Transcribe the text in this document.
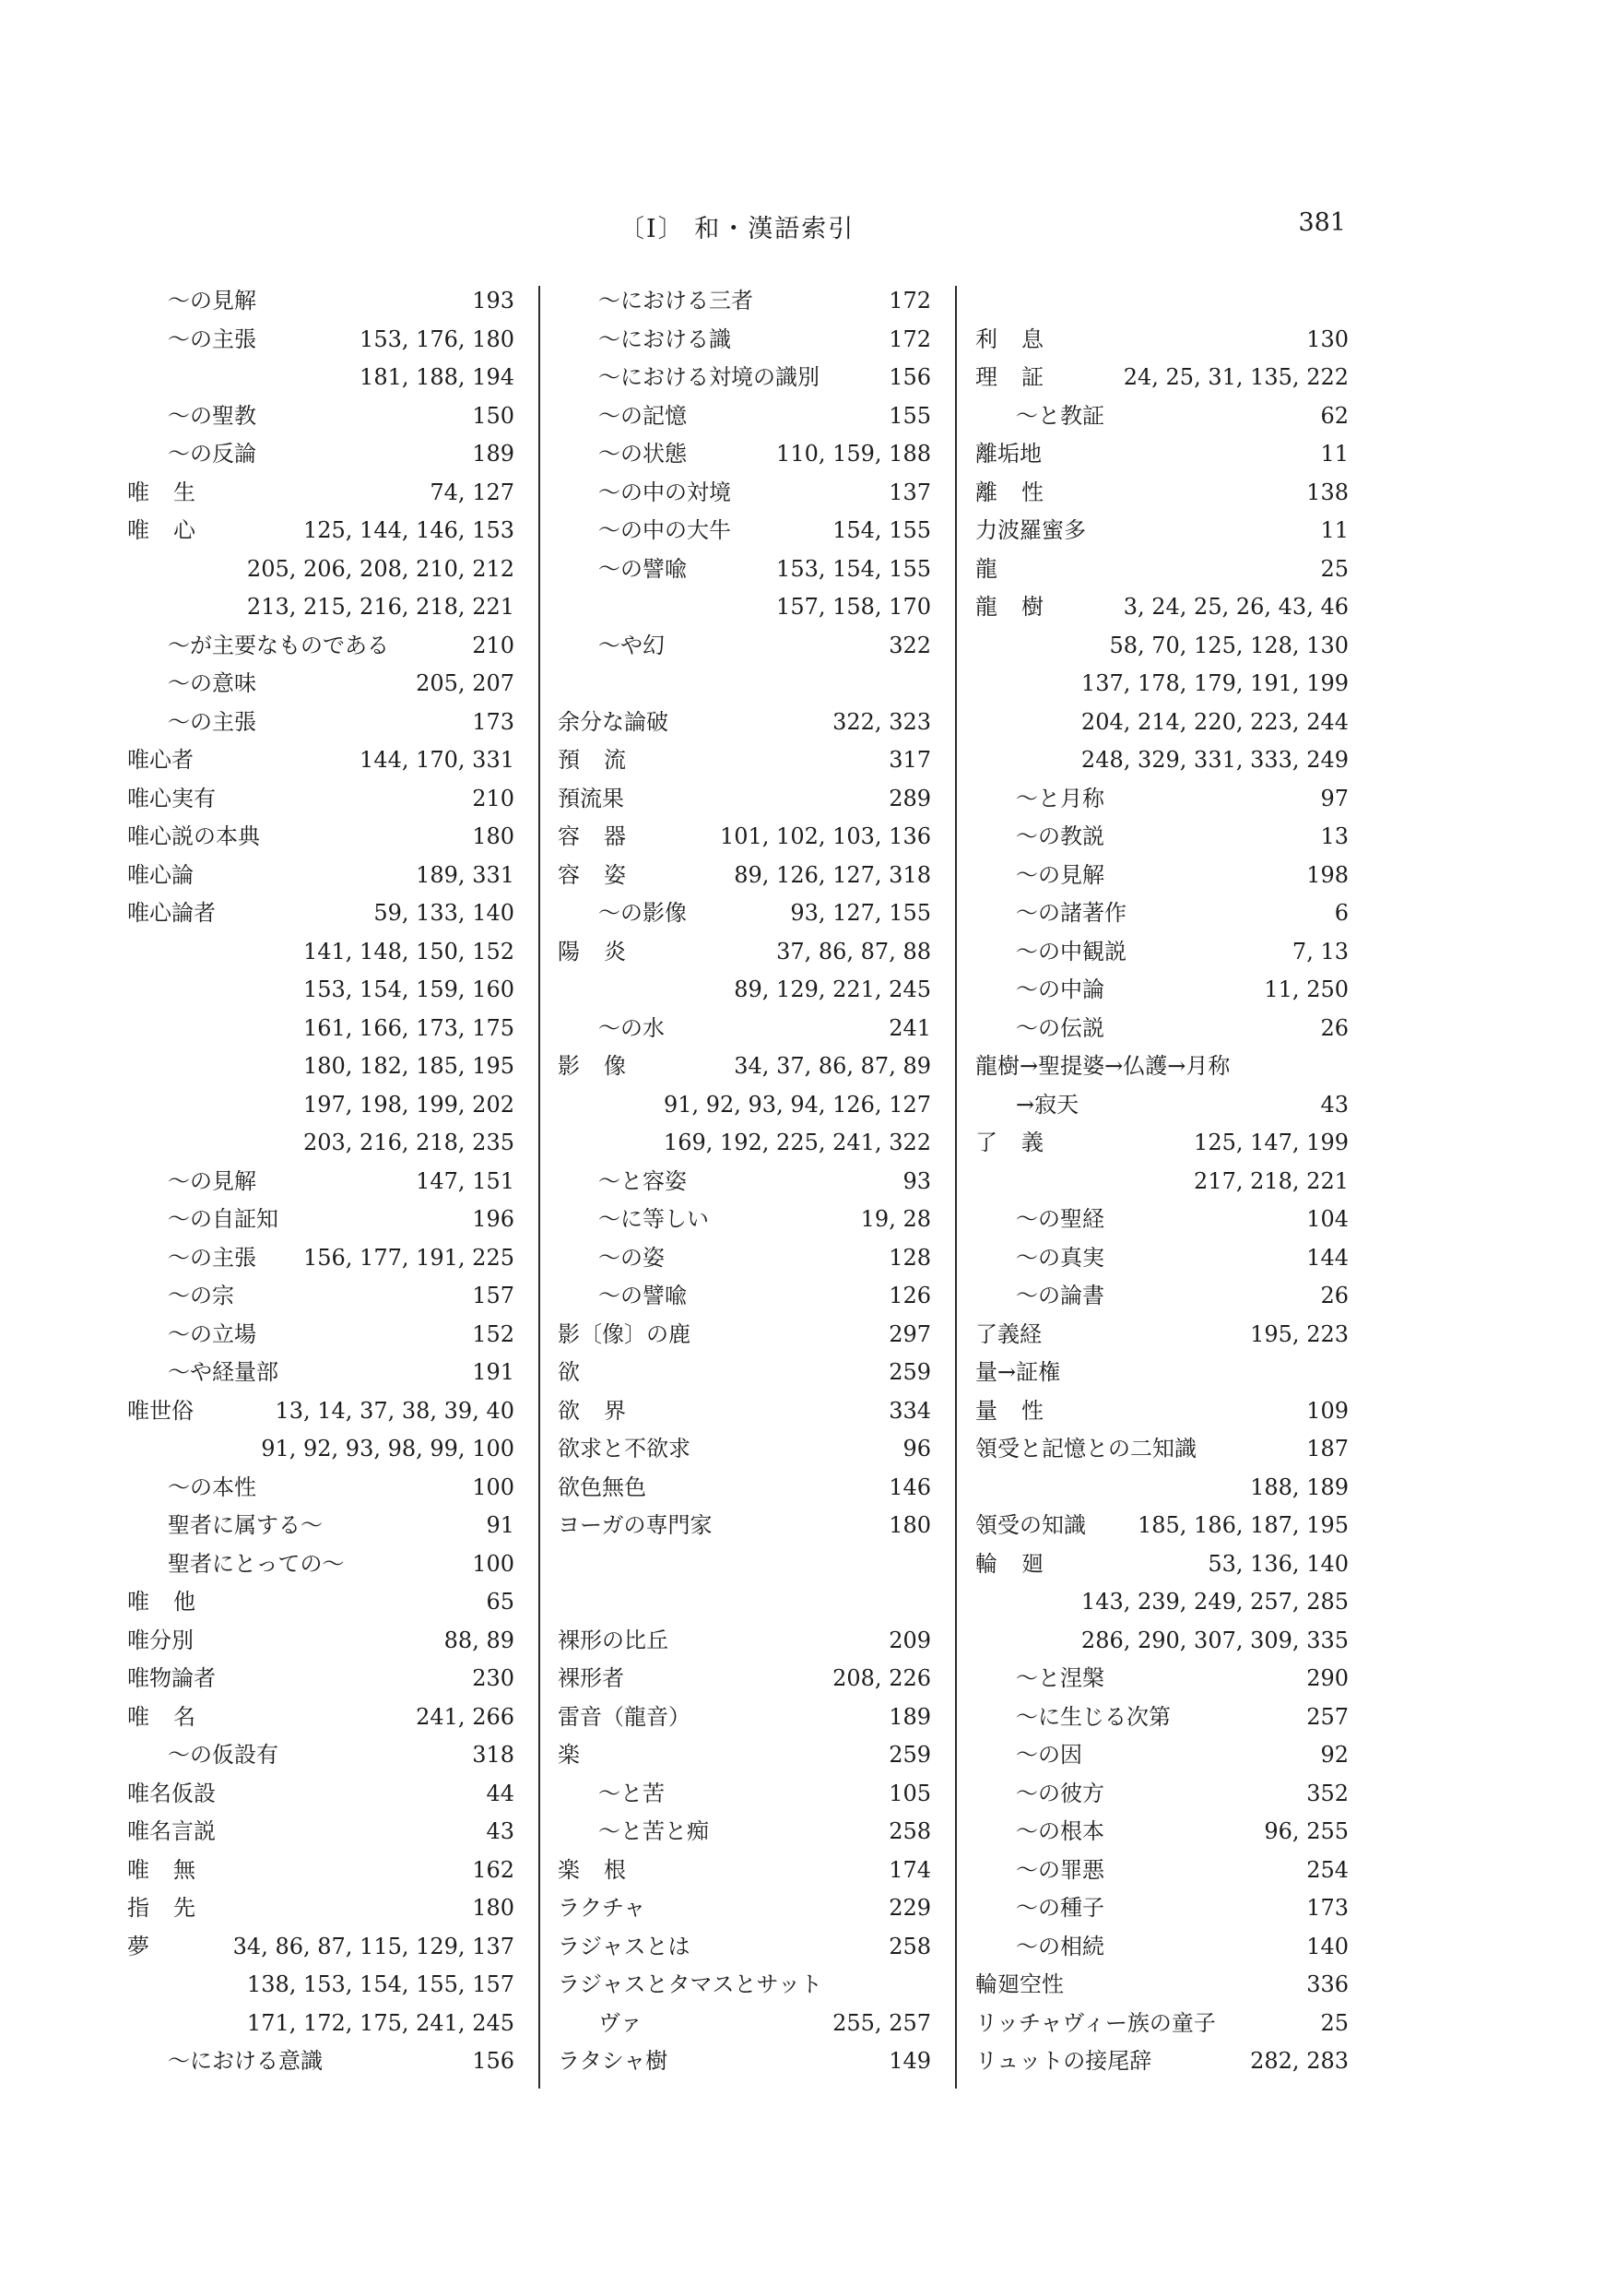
〔I〕 和・漢語索引	381
～の見解	193
～の主張	153, 176, 180
181, 188, 194
～の聖教	150
～の反論	189
唯生	74, 127
唯心	125, 144, 146, 153
205, 206, 208, 210, 212
213, 215, 216, 218, 221
～が主要なものである	210
～の意味	205, 207
～の主張	173
唯心者	144, 170, 331
唯心実有	210
唯心説の本典	180
唯心論	189, 331
唯心論者	59, 133, 140
141, 148, 150, 152
153, 154, 159, 160
161, 166, 173, 175
180, 182, 185, 195
197, 198, 199, 202
203, 216, 218, 235
～の見解	147, 151
～の自証知	196
～の主張 156, 177, 191, 225
～の宗	157
～の立場	152
～や経量部	191
唯世俗	13, 14, 37, 38, 39, 40
91, 92, 93, 98, 99, 100
～の本性	100
聖者に属する～	91
聖者にとっての～	100
唯他	65
唯分別	88, 89
唯物論者	230
唯名	241, 266
～の仮設有	318
唯名仮設	44
唯名言説	43
唯無	162
指先	180
夢	34, 86, 87, 115, 129, 137
138, 153, 154, 155, 157
171, 172, 175, 241, 245
～における意識	156
～における三者	172
～における識	172
～における対境の識別	156
～の記憶	155
～の状態	110, 159, 188
～の中の対境	137
～の中の大牛	154, 155
～の譬喩	153, 154, 155
157, 158, 170
～や幻	322
余分な論破	322, 323
預流	317
預流果	289
容器	101, 102, 103, 136
容姿	89, 126, 127, 318
～の影像	93, 127, 155
陽炎	37, 86, 87, 88
89, 129, 221, 245
～の水	241
影像	34, 37, 86, 87, 89
91, 92, 93, 94, 126, 127
169, 192, 225, 241, 322
～と容姿	93
～に等しい	19, 28
～の姿	128
～の譬喩	126
影〔像〕の鹿	297
欲	259
欲界	334
欲求と不欲求	96
欲色無色	146
ヨーガの専門家	180
裸形の比丘	209
裸形者	208, 226
雷音（龍音）	189
楽	259
～と苦	105
～と苦と痴	258
楽根	174
ラクチャ	229
ラジャスとは	258
ラジャスとタマスとサット
ヴァ	255, 257
ラタシャ樹	149
利息	130
理証	24, 25, 31, 135, 222
～と教証	62
離垢地	11
離性	138
力波羅蜜多	11
龍	25
龍樹	3, 24, 25, 26, 43, 46
58, 70, 125, 128, 130
137, 178, 179, 191, 199
204, 214, 220, 223, 244
248, 329, 331, 333, 249
～と月称	97
～の教説	13
～の見解	198
～の諸著作	6
～の中観説	7, 13
～の中論	11, 250
～の伝説	26
龍樹→聖提婆→仏護→月称
→寂天	43
了義	125, 147, 199
217, 218, 221
～の聖経	104
～の真実	144
～の論書	26
了義経	195, 223
量→証権
量性	109
領受と記憶との二知識	187
188, 189
領受の知識 185, 186, 187, 195
輪廻	53, 136, 140
143, 239, 249, 257, 285
286, 290, 307, 309, 335
～と涅槃	290
～に生じる次第	257
～の因	92
～の彼方	352
～の根本	96, 255
～の罪悪	254
～の種子	173
～の相続	140
輪廻空性	336
リッチャヴィー族の童子	25
リュットの接尾辞	282, 283
